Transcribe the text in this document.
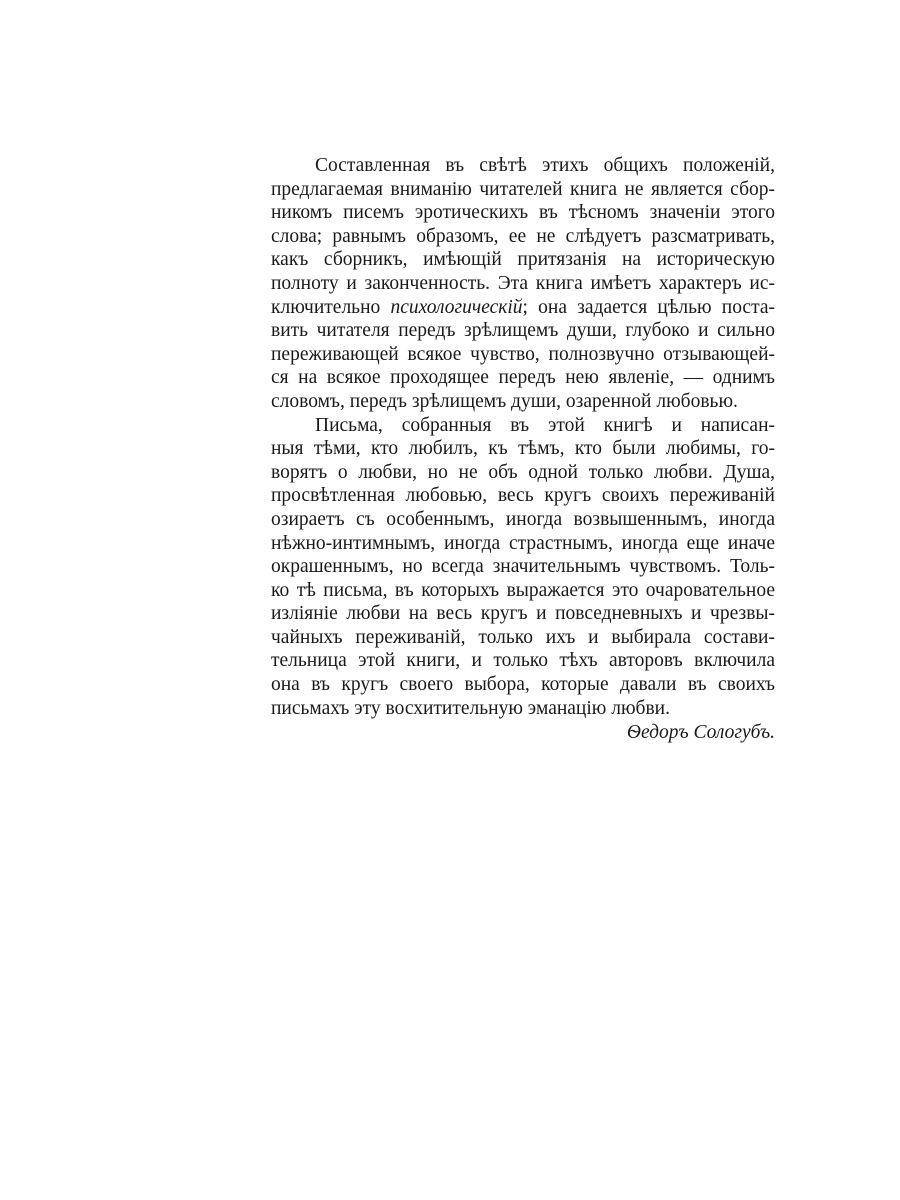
Составленная въ свѣтѣ этихъ общихъ положеній,
предлагаемая вниманію читателей книга не является сбор-
никомъ писемъ эротическихъ въ тѣсномъ значеніи этого
слова; равнымъ образомъ, ее не слѣдуетъ разсматривать,
какъ сборникъ, имѣющій притязанія на историческую
полноту и законченность. Эта книга имѣетъ характеръ ис-
ключительно психологическій; она задается цѣлью поста-
вить читателя передъ зрѣлищемъ души, глубоко и сильно
переживающей всякое чувство, полнозвучно отзывающей-
ся на всякое проходящее передъ нею явленіе, — однимъ
словомъ, передъ зрѣлищемъ души, озаренной любовью.
Письма, собранныя въ этой книгѣ и написан-
ныя тѣми, кто любилъ, къ тѣмъ, кто были любимы, го-
ворятъ о любви, но не объ одной только любви. Душа,
просвѣтленная любовью, весь кругъ своихъ переживаній
озираетъ съ особеннымъ, иногда возвышеннымъ, иногда
нѣжно-интимнымъ, иногда страстнымъ, иногда еще иначе
окрашеннымъ, но всегда значительнымъ чувствомъ. Толь-
ко тѣ письма, въ которыхъ выражается это очаровательное
изліяніе любви на весь кругъ и повседневныхъ и чрезвы-
чайныхъ переживаній, только ихъ и выбирала состави-
тельница этой книги, и только тѣхъ авторовъ включила
она въ кругъ своего выбора, которые давали въ своихъ
письмахъ эту восхитительную эманацію любви.
Ѳедоръ Сологубъ.
